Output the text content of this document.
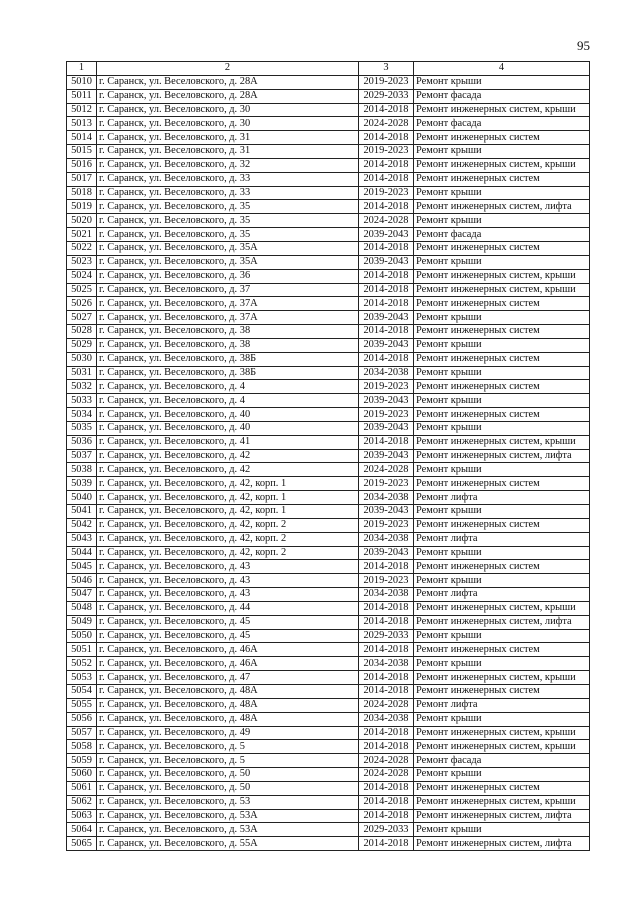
95
1	2	3	4
5010	г. Саранск, ул. Веселовского, д. 28А	2019-2023	Ремонт крыши
5011	г. Саранск, ул. Веселовского, д. 28А	2029-2033	Ремонт фасада
5012	г. Саранск, ул. Веселовского, д. 30	2014-2018	Ремонт инженерных систем, крыши
5013	г. Саранск, ул. Веселовского, д. 30	2024-2028	Ремонт фасада
5014	г. Саранск, ул. Веселовского, д. 31	2014-2018	Ремонт инженерных систем
5015	г. Саранск, ул. Веселовского, д. 31	2019-2023	Ремонт крыши
5016	г. Саранск, ул. Веселовского, д. 32	2014-2018	Ремонт инженерных систем, крыши
5017	г. Саранск, ул. Веселовского, д. 33	2014-2018	Ремонт инженерных систем
5018	г. Саранск, ул. Веселовского, д. 33	2019-2023	Ремонт крыши
5019	г. Саранск, ул. Веселовского, д. 35	2014-2018	Ремонт инженерных систем, лифта
5020	г. Саранск, ул. Веселовского, д. 35	2024-2028	Ремонт крыши
5021	г. Саранск, ул. Веселовского, д. 35	2039-2043	Ремонт фасада
5022	г. Саранск, ул. Веселовского, д. 35А	2014-2018	Ремонт инженерных систем
5023	г. Саранск, ул. Веселовского, д. 35А	2039-2043	Ремонт крыши
5024	г. Саранск, ул. Веселовского, д. 36	2014-2018	Ремонт инженерных систем, крыши
5025	г. Саранск, ул. Веселовского, д. 37	2014-2018	Ремонт инженерных систем, крыши
5026	г. Саранск, ул. Веселовского, д. 37А	2014-2018	Ремонт инженерных систем
5027	г. Саранск, ул. Веселовского, д. 37А	2039-2043	Ремонт крыши
5028	г. Саранск, ул. Веселовского, д. 38	2014-2018	Ремонт инженерных систем
5029	г. Саранск, ул. Веселовского, д. 38	2039-2043	Ремонт крыши
5030	г. Саранск, ул. Веселовского, д. 38Б	2014-2018	Ремонт инженерных систем
5031	г. Саранск, ул. Веселовского, д. 38Б	2034-2038	Ремонт крыши
5032	г. Саранск, ул. Веселовского, д. 4	2019-2023	Ремонт инженерных систем
5033	г. Саранск, ул. Веселовского, д. 4	2039-2043	Ремонт крыши
5034	г. Саранск, ул. Веселовского, д. 40	2019-2023	Ремонт инженерных систем
5035	г. Саранск, ул. Веселовского, д. 40	2039-2043	Ремонт крыши
5036	г. Саранск, ул. Веселовского, д. 41	2014-2018	Ремонт инженерных систем, крыши
5037	г. Саранск, ул. Веселовского, д. 42	2039-2043	Ремонт инженерных систем, лифта
5038	г. Саранск, ул. Веселовского, д. 42	2024-2028	Ремонт крыши
5039	г. Саранск, ул. Веселовского, д. 42, корп. 1	2019-2023	Ремонт инженерных систем
5040	г. Саранск, ул. Веселовского, д. 42, корп. 1	2034-2038	Ремонт лифта
5041	г. Саранск, ул. Веселовского, д. 42, корп. 1	2039-2043	Ремонт крыши
5042	г. Саранск, ул. Веселовского, д. 42, корп. 2	2019-2023	Ремонт инженерных систем
5043	г. Саранск, ул. Веселовского, д. 42, корп. 2	2034-2038	Ремонт лифта
5044	г. Саранск, ул. Веселовского, д. 42, корп. 2	2039-2043	Ремонт крыши
5045	г. Саранск, ул. Веселовского, д. 43	2014-2018	Ремонт инженерных систем
5046	г. Саранск, ул. Веселовского, д. 43	2019-2023	Ремонт крыши
5047	г. Саранск, ул. Веселовского, д. 43	2034-2038	Ремонт лифта
5048	г. Саранск, ул. Веселовского, д. 44	2014-2018	Ремонт инженерных систем, крыши
5049	г. Саранск, ул. Веселовского, д. 45	2014-2018	Ремонт инженерных систем, лифта
5050	г. Саранск, ул. Веселовского, д. 45	2029-2033	Ремонт крыши
5051	г. Саранск, ул. Веселовского, д. 46А	2014-2018	Ремонт инженерных систем
5052	г. Саранск, ул. Веселовского, д. 46А	2034-2038	Ремонт крыши
5053	г. Саранск, ул. Веселовского, д. 47	2014-2018	Ремонт инженерных систем, крыши
5054	г. Саранск, ул. Веселовского, д. 48А	2014-2018	Ремонт инженерных систем
5055	г. Саранск, ул. Веселовского, д. 48А	2024-2028	Ремонт лифта
5056	г. Саранск, ул. Веселовского, д. 48А	2034-2038	Ремонт крыши
5057	г. Саранск, ул. Веселовского, д. 49	2014-2018	Ремонт инженерных систем, крыши
5058	г. Саранск, ул. Веселовского, д. 5	2014-2018	Ремонт инженерных систем, крыши
5059	г. Саранск, ул. Веселовского, д. 5	2024-2028	Ремонт фасада
5060	г. Саранск, ул. Веселовского, д. 50	2024-2028	Ремонт крыши
5061	г. Саранск, ул. Веселовского, д. 50	2014-2018	Ремонт инженерных систем
5062	г. Саранск, ул. Веселовского, д. 53	2014-2018	Ремонт инженерных систем, крыши
5063	г. Саранск, ул. Веселовского, д. 53А	2014-2018	Ремонт инженерных систем, лифта
5064	г. Саранск, ул. Веселовского, д. 53А	2029-2033	Ремонт крыши
5065	г. Саранск, ул. Веселовского, д. 55А	2014-2018	Ремонт инженерных систем, лифта
